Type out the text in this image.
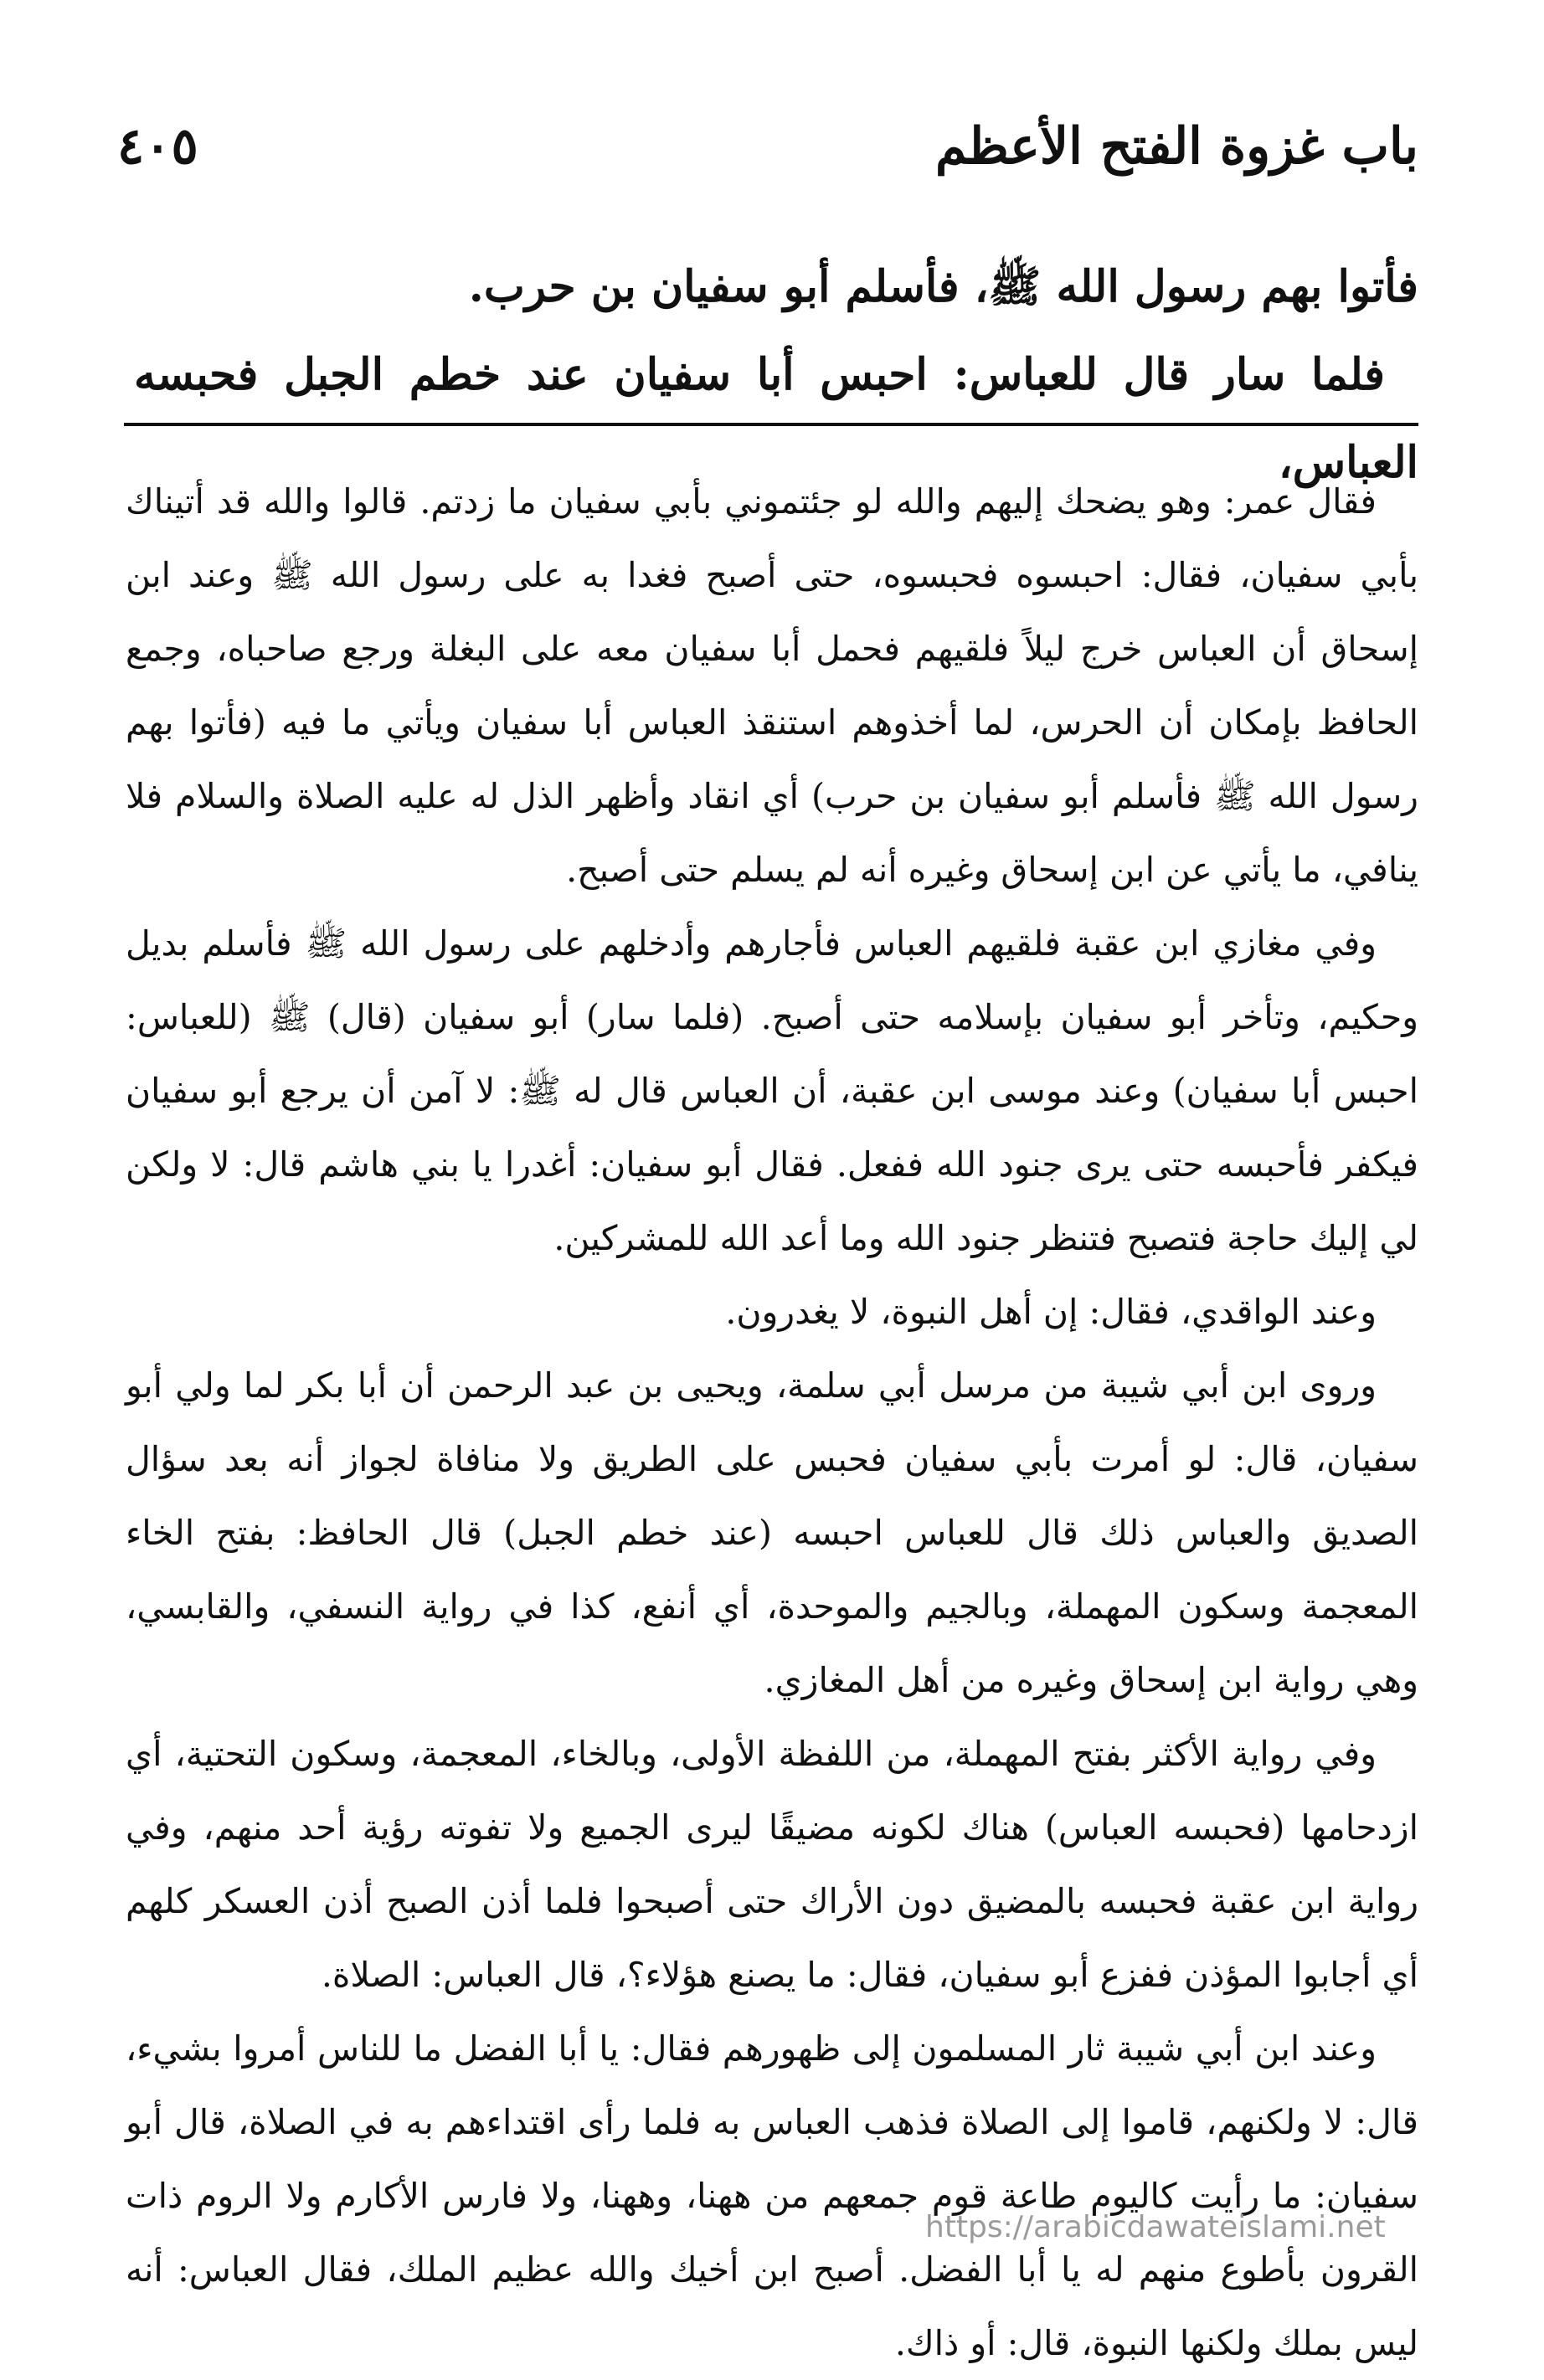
باب غزوة الفتح الأعظم
٤٠٥

فأتوا بهم رسول الله ﷺ، فأسلم أبو سفيان بن حرب.

فلما سار قال للعباس: احبس أبا سفيان عند خطم الجبل فحبسه العباس،

فقال عمر: وهو يضحك إليهم والله لو جئتموني بأبي سفيان ما زدتم. قالوا والله قد أتيناك بأبي سفيان، فقال: احبسوه فحبسوه، حتى أصبح فغدا به على رسول الله ﷺ وعند ابن إسحاق أن العباس خرج ليلاً فلقيهم فحمل أبا سفيان معه على البغلة ورجع صاحباه، وجمع الحافظ بإمكان أن الحرس، لما أخذوهم استنقذ العباس أبا سفيان ويأتي ما فيه (فأتوا بهم رسول الله ﷺ فأسلم أبو سفيان بن حرب) أي انقاد وأظهر الذل له عليه الصلاة والسلام فلا ينافي، ما يأتي عن ابن إسحاق وغيره أنه لم يسلم حتى أصبح.

وفي مغازي ابن عقبة فلقيهم العباس فأجارهم وأدخلهم على رسول الله ﷺ فأسلم بديل وحكيم، وتأخر أبو سفيان بإسلامه حتى أصبح. (فلما سار) أبو سفيان (قال) ﷺ (للعباس: احبس أبا سفيان) وعند موسى ابن عقبة، أن العباس قال له ﷺ: لا آمن أن يرجع أبو سفيان فيكفر فأحبسه حتى يرى جنود الله ففعل. فقال أبو سفيان: أغدرا يا بني هاشم قال: لا ولكن لي إليك حاجة فتصبح فتنظر جنود الله وما أعد الله للمشركين.

وعند الواقدي، فقال: إن أهل النبوة، لا يغدرون.

وروى ابن أبي شيبة من مرسل أبي سلمة، ويحيى بن عبد الرحمن أن أبا بكر لما ولي أبو سفيان، قال: لو أمرت بأبي سفيان فحبس على الطريق ولا منافاة لجواز أنه بعد سؤال الصديق والعباس ذلك قال للعباس احبسه (عند خطم الجبل) قال الحافظ: بفتح الخاء المعجمة وسكون المهملة، وبالجيم والموحدة، أي أنفع، كذا في رواية النسفي، والقابسي، وهي رواية ابن إسحاق وغيره من أهل المغازي.

وفي رواية الأكثر بفتح المهملة، من اللفظة الأولى، وبالخاء، المعجمة، وسكون التحتية، أي ازدحامها (فحبسه العباس) هناك لكونه مضيقًا ليرى الجميع ولا تفوته رؤية أحد منهم، وفي رواية ابن عقبة فحبسه بالمضيق دون الأراك حتى أصبحوا فلما أذن الصبح أذن العسكر كلهم أي أجابوا المؤذن ففزع أبو سفيان، فقال: ما يصنع هؤلاء؟، قال العباس: الصلاة.

وعند ابن أبي شيبة ثار المسلمون إلى ظهورهم فقال: يا أبا الفضل ما للناس أمروا بشيء، قال: لا ولكنهم، قاموا إلى الصلاة فذهب العباس به فلما رأى اقتداءهم به في الصلاة، قال أبو سفيان: ما رأيت كاليوم طاعة قوم جمعهم من ههنا، وههنا، ولا فارس الأكارم ولا الروم ذات القرون بأطوع منهم له يا أبا الفضل. أصبح ابن أخيك والله عظيم الملك، فقال العباس: أنه ليس بملك ولكنها النبوة، قال: أو ذاك.

https://arabicdawateislami.net
